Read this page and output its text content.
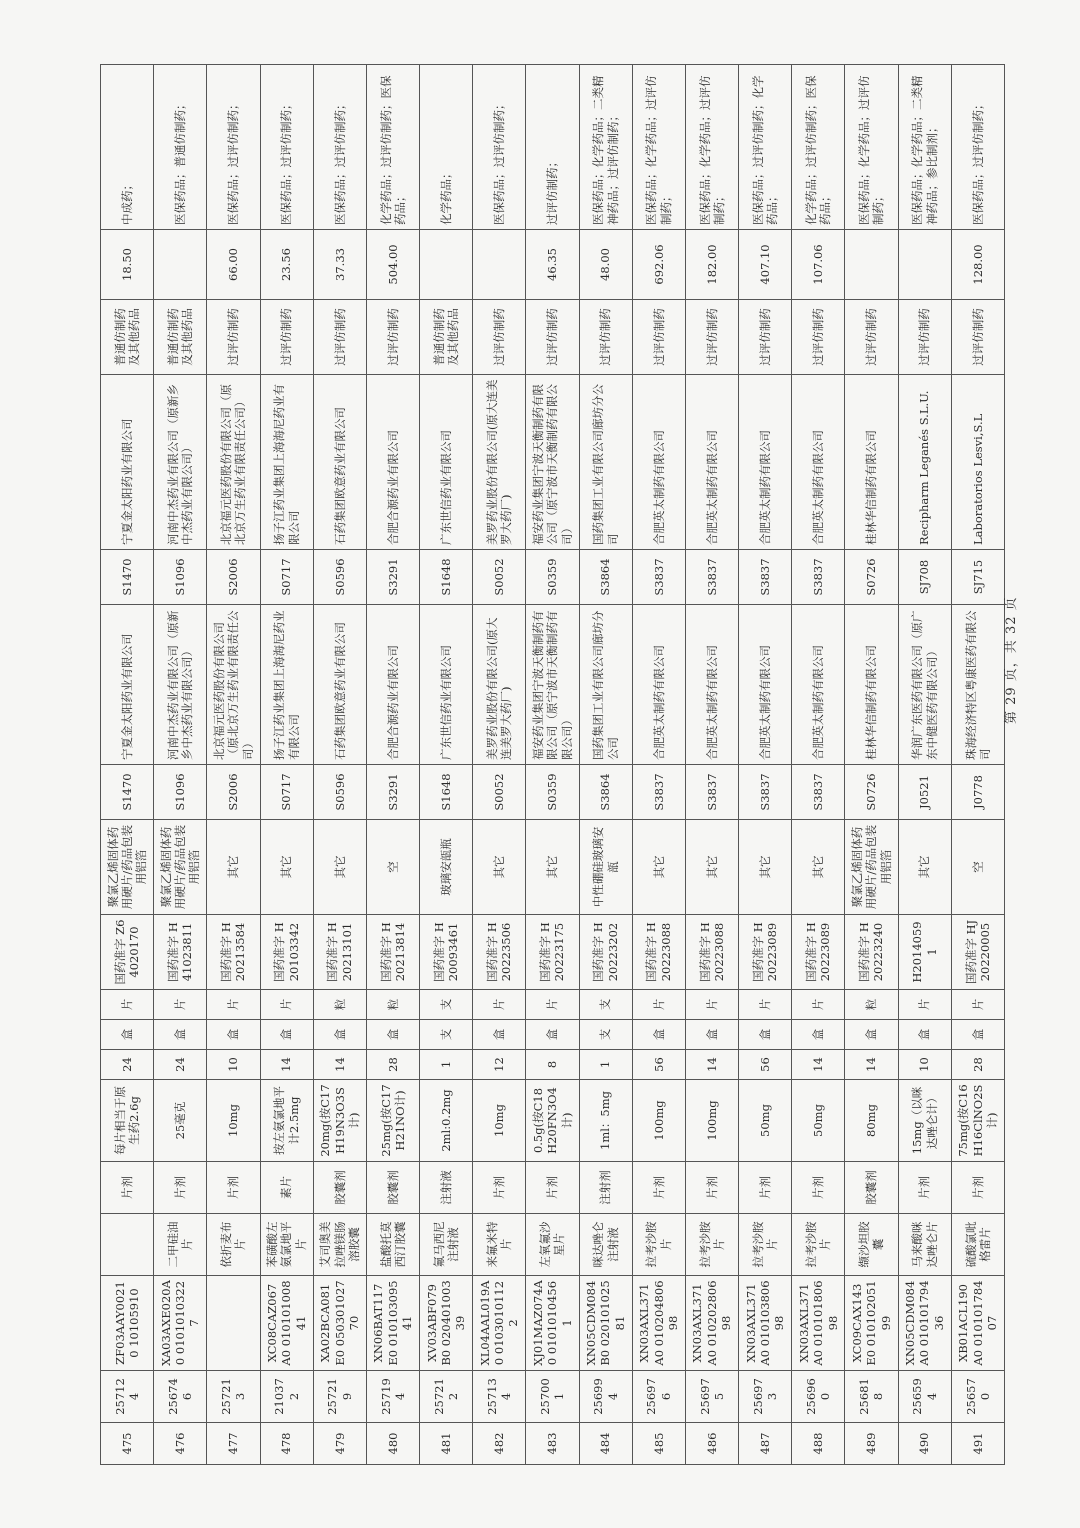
475	257124	ZF03AAY00210 10105910		片剂	每片相当于原生药2.6g	24	盒	片	国药准字 Z64020170	聚氯乙烯固体药用硬片/药品包装用铝箔	S1470	宁夏金太阳药业有限公司	S1470	宁夏金太阳药业有限公司	普通仿制药及其他药品	18.50	中成药；
476	256746	XA03AXE020A0 01010103227	二甲硅油片	片剂	25毫克	24	盒	片	国药准字 H41023811	聚氯乙烯固体药用硬片/药品包装用铝箔	S1096	河南中杰药业有限公司（原新乡中杰药业有限公司）	S1096	河南中杰药业有限公司（原新乡中杰药业有限公司）	普通仿制药及其他药品		医保药品；普通仿制药；
477	257213		依折麦布片	片剂	10mg	10	盒	片	国药准字 H20213584	其它	S2006	北京福元医药股份有限公司（原北京万生药业有限责任公司）	S2006	北京福元医药股份有限公司（原北京万生药业有限责任公司）	过评仿制药	66.00	医保药品；过评仿制药；
478	210372	XC08CAZ067A0 01010100841	苯磺酸左氨氯地平片	素片	按左氨氯地平计2.5mg	14	盒	片	国药准字 H20103342	其它	S0717	扬子江药业集团上海海尼药业有限公司	S0717	扬子江药业集团上海海尼药业有限公司	过评仿制药	23.56	医保药品；过评仿制药；
479	257219	XA02BCA081E0 05030102770	艾司奥美拉唑镁肠溶胶囊	胶囊剂	20mg(按C17H19N3O3S计)	14	盒	粒	国药准字 H20213101	其它	S0596	石药集团欧意药业有限公司	S0596	石药集团欧意药业有限公司	过评仿制药	37.33	医保药品；过评仿制药；
480	257194	XN06BAT117E0 01010309541	盐酸托莫西汀胶囊	胶囊剂	25mg(按C17H21NO计)	28	盒	粒	国药准字 H20213814	空	S3291	合肥合源药业有限公司	S3291	合肥合源药业有限公司	过评仿制药	504.00	化学药品；过评仿制药；医保药品；
481	257212	XV03ABF079B0 02040100339	氟马西尼注射液	注射液	2ml:0.2mg	1	支	支	国药准字 H20093461	玻璃安瓿瓶	S1648	广东世信药业有限公司	S1648	广东世信药业有限公司	普通仿制药及其他药品		化学药品；
482	257134	XL04AAL019A0 01030101122	来氟米特片	片剂	10mg	12	盒	片	国药准字 H20223506	其它	S0052	美罗药业股份有限公司(原大连美罗大药厂)	S0052	美罗药业股份有限公司(原大连美罗大药厂)	过评仿制药		医保药品；过评仿制药；
483	257001	XJ01MAZ074A0 01010104561	左氧氟沙星片	片剂	0.5g(按C18H20FN3O4计)	8	盒	片	国药准字 H20223175	其它	S0359	福安药业集团宁波天衡制药有限公司（原宁波市天衡制药有限公司）	S0359	福安药业集团宁波天衡制药有限公司（原宁波市天衡制药有限公司）	过评仿制药	46.35	过评仿制药；
484	256994	XN05CDM084B0 02010102581	咪达唑仑注射液	注射剂	1ml：5mg	1	支	支	国药准字 H20223202	中性硼硅玻璃安瓿	S3864	国药集团工业有限公司廊坊分公司	S3864	国药集团工业有限公司廊坊分公司	过评仿制药	48.00	医保药品；化学药品；二类精神药品；过评仿制药；
485	256976	XN03AXL371A0 01020480698	拉考沙胺片	片剂	100mg	56	盒	片	国药准字 H20223088	其它	S3837	合肥英太制药有限公司	S3837	合肥英太制药有限公司	过评仿制药	692.06	医保药品；化学药品；过评仿制药；
486	256975	XN03AXL371A0 01020280698	拉考沙胺片	片剂	100mg	14	盒	片	国药准字 H20223088	其它	S3837	合肥英太制药有限公司	S3837	合肥英太制药有限公司	过评仿制药	182.00	医保药品；化学药品；过评仿制药；
487	256973	XN03AXL371A0 01010380698	拉考沙胺片	片剂	50mg	56	盒	片	国药准字 H20223089	其它	S3837	合肥英太制药有限公司	S3837	合肥英太制药有限公司	过评仿制药	407.10	医保药品；过评仿制药；化学药品；
488	256960	XN03AXL371A0 01010180698	拉考沙胺片	片剂	50mg	14	盒	片	国药准字 H20223089	其它	S3837	合肥英太制药有限公司	S3837	合肥英太制药有限公司	过评仿制药	107.06	化学药品；过评仿制药；医保药品；
489	256818	XC09CAX143E0 01010205199	缬沙坦胶囊	胶囊剂	80mg	14	盒	粒	国药准字 H20223240	聚氯乙烯固体药用硬片/药品包装用铝箔	S0726	桂林华信制药有限公司	S0726	桂林华信制药有限公司	过评仿制药		医保药品；化学药品；过评仿制药；
490	256594	XN05CDM084A0 01010179436	马来酸咪达唑仑片	片剂	15mg（以咪达唑仑计）	10	盒	片	H20140591	其它	J0521	华润广东医药有限公司（原广东中健医药有限公司）	SJ708	Recipharm Leganés S.L.U.	过评仿制药		医保药品；化学药品；二类精神药品；参比制剂；
491	256570	XB01ACL190A0 01010178407	硫酸氯吡格雷片	片剂	75mg(按C16H16ClNO2S计)	28	盒	片	国药准字 HJ20220005	空	J0778	珠海经济特区粤康医药有限公司	SJ715	Laboratorios Lesvi,S.L	过评仿制药	128.00	医保药品；过评仿制药；
第 29 页，共 32 页
